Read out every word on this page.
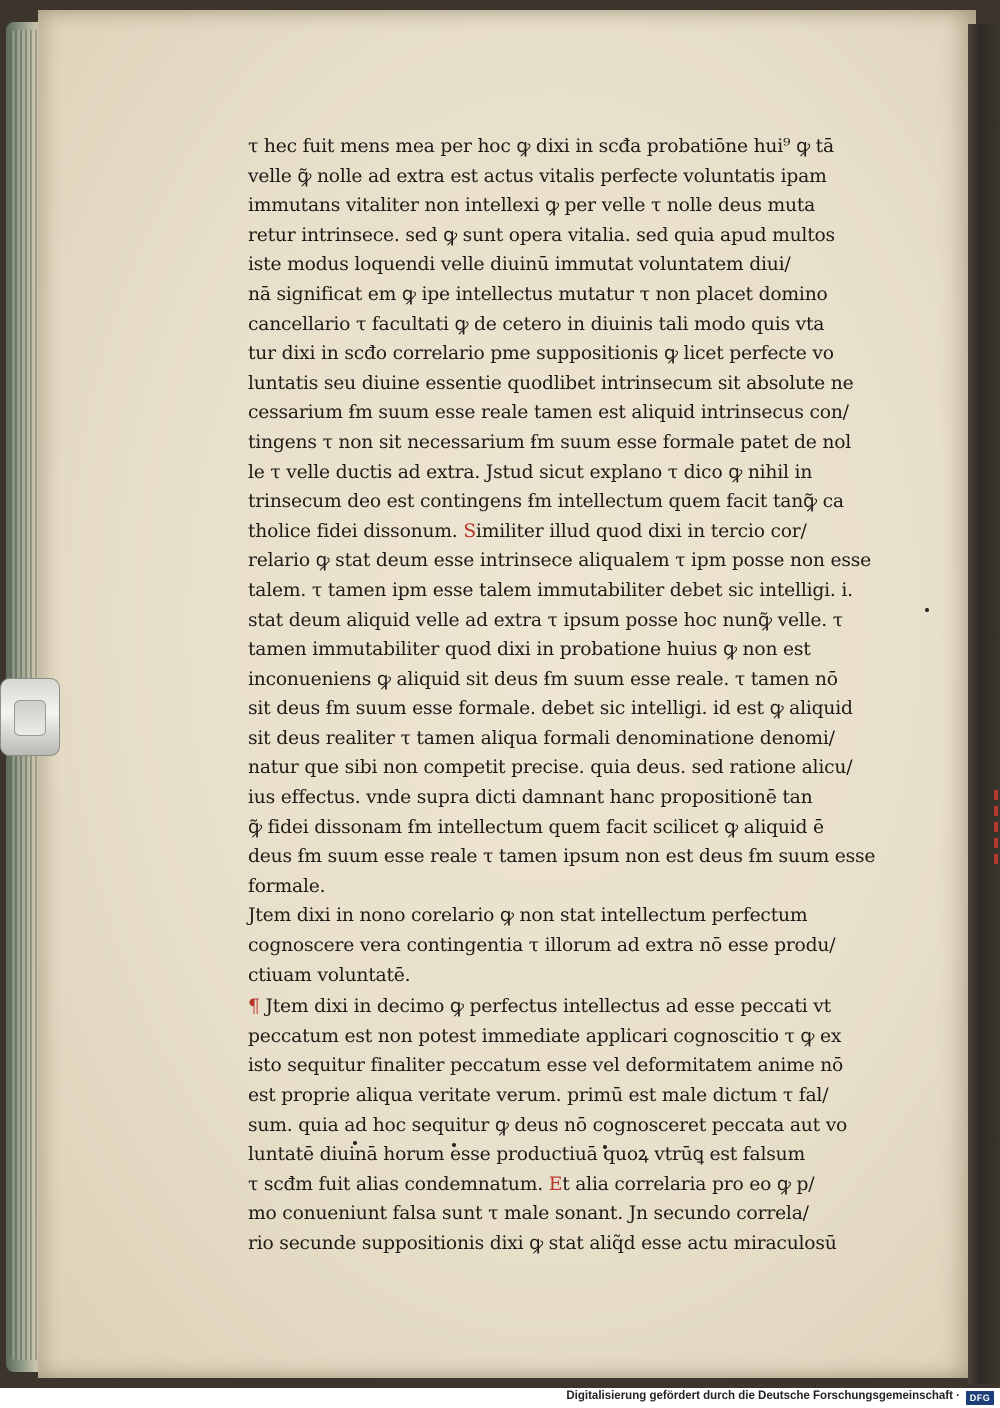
τ hec fuit mens mea per hoc ꝙ dixi in scđa probatiōne hui⁹ ꝙ tā
velle ꝙ̃ nolle ad extra est actus vitalis perfecte voluntatis ipam
immutans vitaliter non intellexi ꝙ per velle τ nolle deus muta
retur intrinsece. sed ꝙ sunt opera vitalia. sed quia apud multos
iste modus loquendi velle diuinū immutat voluntatem diui/
nā significat em ꝙ ipe intellectus mutatur τ non placet domino
cancellario τ facultati ꝙ de cetero in diuinis tali modo quis vta
tur dixi in scđo correlario pme suppositionis ꝙ licet perfecte vo
luntatis seu diuine essentie quodlibet intrinsecum sit absolute ne
cessarium ẜm suum esse reale tamen est aliquid intrinsecus con/
tingens τ non sit necessarium ẜm suum esse formale patet de nol
le τ velle ductis ad extra. Jstud sicut explano τ dico ꝙ nihil in
trinsecum deo est contingens ẜm intellectum quem facit tanꝙ̃ ca
tholice fidei dissonum. Similiter illud quod dixi in tercio cor/
relario ꝙ stat deum esse intrinsece aliqualem τ ipm posse non esse
talem. τ tamen ipm esse talem immutabiliter debet sic intelligi. i.
stat deum aliquid velle ad extra τ ipsum posse hoc nunꝙ̃ velle. τ
tamen immutabiliter quod dixi in probatione huius ꝙ non est
inconueniens ꝙ aliquid sit deus ẜm suum esse reale. τ tamen nō
sit deus ẜm suum esse formale. debet sic intelligi. id est ꝙ aliquid
sit deus realiter τ tamen aliqua formali denominatione denomi/
natur que sibi non competit precise. quia deus. sed ratione alicu/
ius effectus. vnde supra dicti damnant hanc propositionē tan
ꝙ̃ fidei dissonam ẜm intellectum quem facit scilicet ꝙ aliquid ē
deus ẜm suum esse reale τ tamen ipsum non est deus ẜm suum esse
formale.
Jtem dixi in nono corelario ꝙ non stat intellectum perfectum
cognoscere vera contingentia τ illorum ad extra nō esse produ/
ctiuam voluntatē.
¶ Jtem dixi in decimo ꝙ perfectus intellectus ad esse peccati vt
peccatum est non potest immediate applicari cognoscitio τ ꝙ ex
isto sequitur finaliter peccatum esse vel deformitatem anime nō
est proprie aliqua veritate verum. primū est male dictum τ fal/
sum. quia ad hoc sequitur ꝙ deus nō cognosceret peccata aut vo
luntatē diuinā horum esse productiuā quoꝝ vtrūꝗ est falsum
τ scđm fuit alias condemnatum. Et alia correlaria pro eo ꝙ p/
mo conueniunt falsa sunt τ male sonant. Jn secundo correla/
rio secunde suppositionis dixi ꝙ stat aliq̃d esse actu miraculosū
Digitalisierung gefördert durch die Deutsche Forschungsgemeinschaft ·	DFG
